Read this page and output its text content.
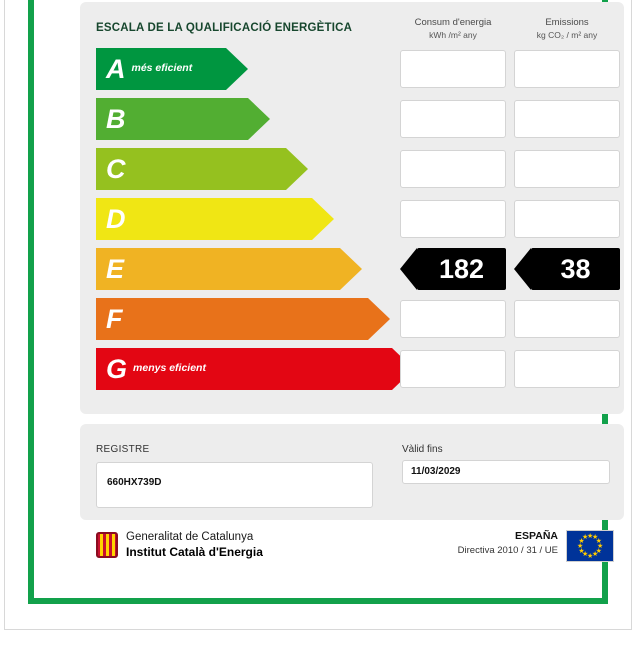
ESCALA DE LA QUALIFICACIÓ ENERGÈTICA	Consum d'energia
kWh /m² any
Emissions
kg CO₂ / m² any
A més eficient
B
C
D
E	182	38
F
G menys eficient
REGISTRE
660HX739D
Vàlid fins
11/03/2029
Generalitat de Catalunya
Institut Català d'Energia
ESPAÑA
Directiva 2010 / 31 / UE
★
★
★
★
★
★
★
★
★
★
★
★
